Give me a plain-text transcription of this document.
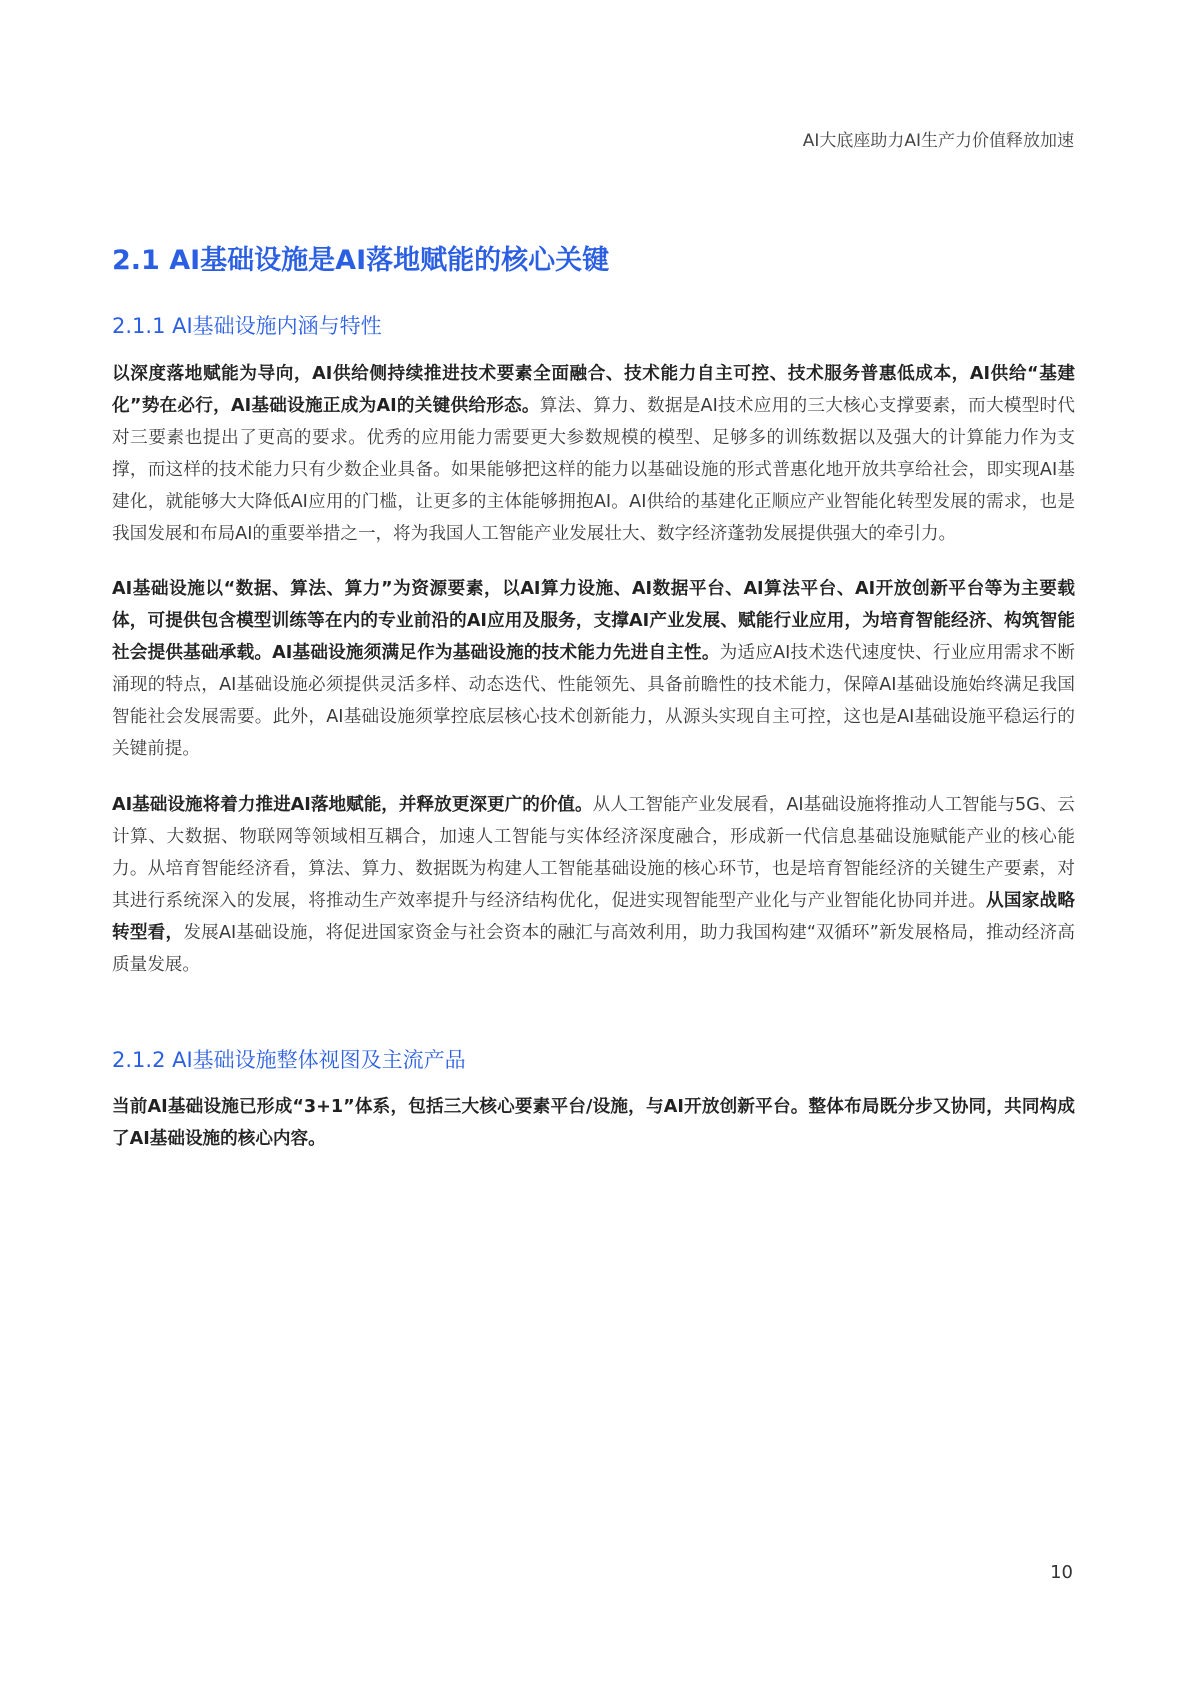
AI大底座助力AI生产力价值释放加速
2.1 AI基础设施是AI落地赋能的核心关键
2.1.1 AI基础设施内涵与特性
以深度落地赋能为导向，AI供给侧持续推进技术要素全面融合、技术能力自主可控、技术服务普惠低成本，AI供给“基建化”势在必行，AI基础设施正成为AI的关键供给形态。算法、算力、数据是AI技术应用的三大核心支撑要素，而大模型时代对三要素也提出了更高的要求。优秀的应用能力需要更大参数规模的模型、足够多的训练数据以及强大的计算能力作为支撑，而这样的技术能力只有少数企业具备。如果能够把这样的能力以基础设施的形式普惠化地开放共享给社会，即实现AI基建化，就能够大大降低AI应用的门槛，让更多的主体能够拥抱AI。AI供给的基建化正顺应产业智能化转型发展的需求，也是我国发展和布局AI的重要举措之一，将为我国人工智能产业发展壮大、数字经济蓬勃发展提供强大的牵引力。
AI基础设施以“数据、算法、算力”为资源要素，以AI算力设施、AI数据平台、AI算法平台、AI开放创新平台等为主要载体，可提供包含模型训练等在内的专业前沿的AI应用及服务，支撑AI产业发展、赋能行业应用，为培育智能经济、构筑智能社会提供基础承载。AI基础设施须满足作为基础设施的技术能力先进自主性。为适应AI技术迭代速度快、行业应用需求不断涌现的特点，AI基础设施必须提供灵活多样、动态迭代、性能领先、具备前瞻性的技术能力，保障AI基础设施始终满足我国智能社会发展需要。此外，AI基础设施须掌控底层核心技术创新能力，从源头实现自主可控，这也是AI基础设施平稳运行的关键前提。
AI基础设施将着力推进AI落地赋能，并释放更深更广的价值。从人工智能产业发展看，AI基础设施将推动人工智能与5G、云计算、大数据、物联网等领域相互耦合，加速人工智能与实体经济深度融合，形成新一代信息基础设施赋能产业的核心能力。从培育智能经济看，算法、算力、数据既为构建人工智能基础设施的核心环节，也是培育智能经济的关键生产要素，对其进行系统深入的发展，将推动生产效率提升与经济结构优化，促进实现智能型产业化与产业智能化协同并进。从国家战略转型看，发展AI基础设施，将促进国家资金与社会资本的融汇与高效利用，助力我国构建“双循环”新发展格局，推动经济高质量发展。
2.1.2 AI基础设施整体视图及主流产品
当前AI基础设施已形成“3+1”体系，包括三大核心要素平台/设施，与AI开放创新平台。整体布局既分步又协同，共同构成了AI基础设施的核心内容。
10
